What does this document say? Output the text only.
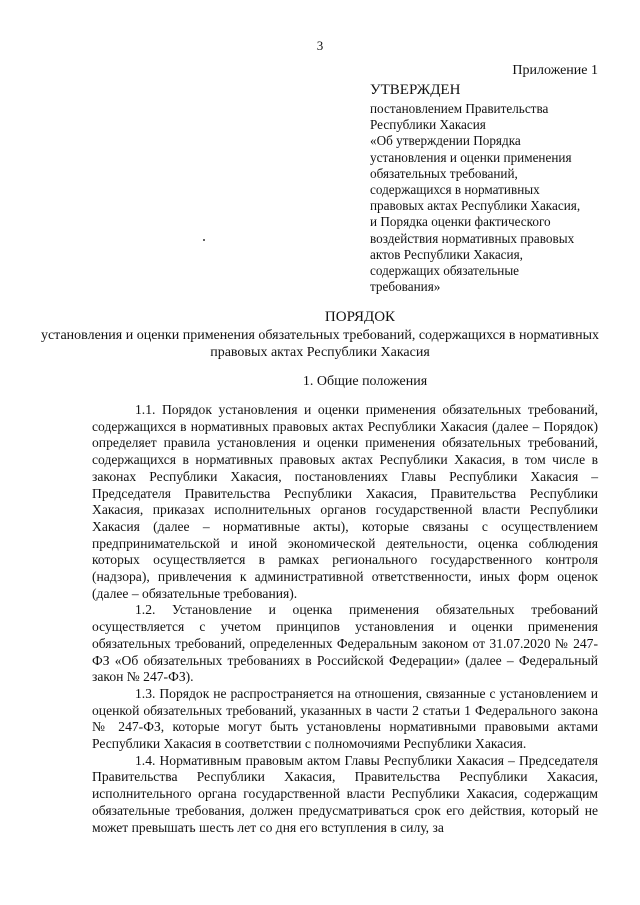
3
Приложение 1
УТВЕРЖДЕН
постановлением Правительства
Республики Хакасия
«Об утверждении Порядка
установления и оценки применения
обязательных требований,
содержащихся в нормативных
правовых актах Республики Хакасия,
и Порядка оценки фактического
воздействия нормативных правовых
актов Республики Хакасия,
содержащих обязательные
требования»
ПОРЯДОК
установления и оценки применения обязательных требований, содержащихся в нормативных правовых актах Республики Хакасия
1. Общие положения

1.1. Порядок установления и оценки применения обязательных требований, содержащихся в нормативных правовых актах Республики Хакасия (далее – Порядок) определяет правила установления и оценки применения обязательных требований, содержащихся в нормативных правовых актах Республики Хакасия, в том числе в законах Республики Хакасия, постановлениях Главы Республики Хакасия – Председателя Правительства Республики Хакасия, Правительства Республики Хакасия, приказах исполнительных органов государственной власти Республики Хакасия (далее – нормативные акты), которые связаны с осуществлением предпринимательской и иной экономической деятельности, оценка соблюдения которых осуществляется в рамках регионального государственного контроля (надзора), привлечения к административной ответственности, иных форм оценок (далее – обязательные требования).

1.2. Установление и оценка применения обязательных требований осуществляется с учетом принципов установления и оценки применения обязательных требований, определенных Федеральным законом от 31.07.2020 № 247-ФЗ «Об обязательных требованиях в Российской Федерации» (далее – Федеральный закон № 247-ФЗ).

1.3. Порядок не распространяется на отношения, связанные с установлением и оценкой обязательных требований, указанных в части 2 статьи 1 Федерального закона № 247-ФЗ, которые могут быть установлены нормативными правовыми актами Республики Хакасия в соответствии с полномочиями Республики Хакасия.

1.4. Нормативным правовым актом Главы Республики Хакасия – Председателя Правительства Республики Хакасия, Правительства Республики Хакасия, исполнительного органа государственной власти Республики Хакасия, содержащим обязательные требования, должен предусматриваться срок его действия, который не может превышать шесть лет со дня его вступления в силу, за
